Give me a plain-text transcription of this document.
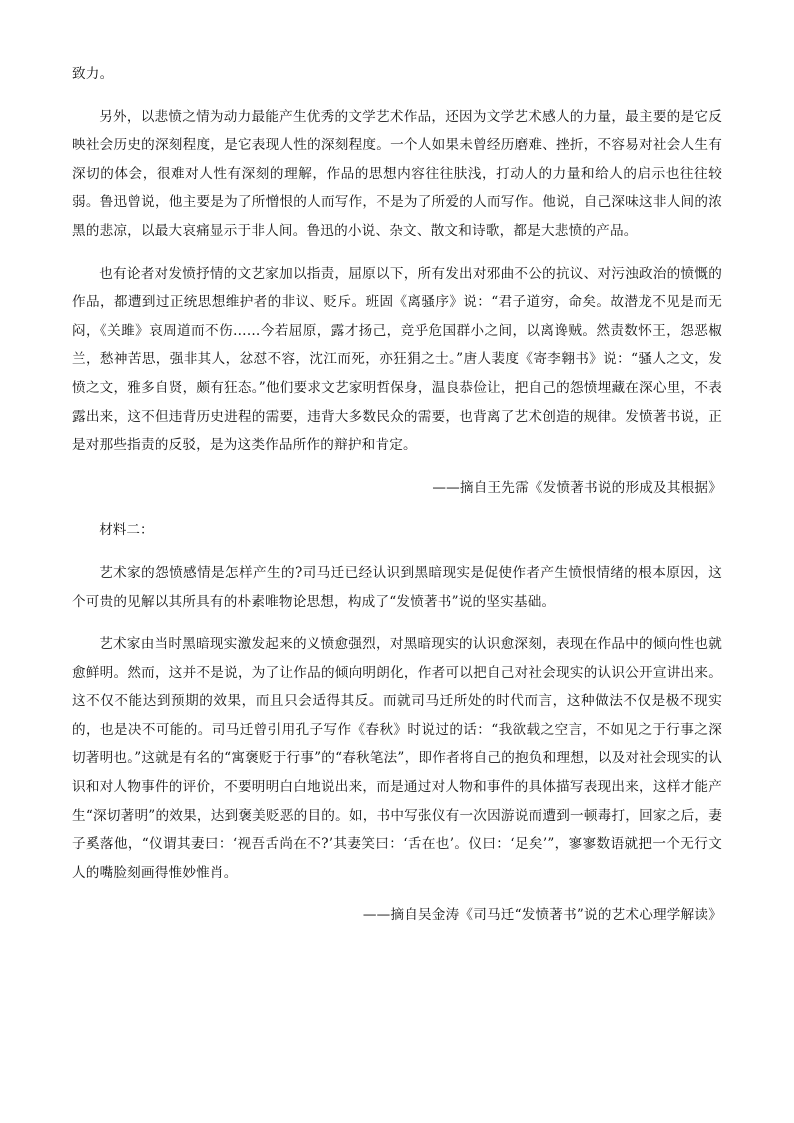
致力。

另外，以悲愤之情为动力最能产生优秀的文学艺术作品，还因为文学艺术感人的力量，最主要的是它反映社会历史的深刻程度，是它表现人性的深刻程度。一个人如果未曾经历磨难、挫折，不容易对社会人生有深切的体会，很难对人性有深刻的理解，作品的思想内容往往肤浅，打动人的力量和给人的启示也往往较弱。鲁迅曾说，他主要是为了所憎恨的人而写作，不是为了所爱的人而写作。他说，自己深味这非人间的浓黑的悲凉，以最大哀痛显示于非人间。鲁迅的小说、杂文、散文和诗歌，都是大悲愤的产品。

也有论者对发愤抒情的文艺家加以指责，屈原以下，所有发出对邪曲不公的抗议、对污浊政治的愤慨的作品，都遭到过正统思想维护者的非议、贬斥。班固《离骚序》说：“君子道穷，命矣。故潜龙不见是而无闷，《关雎》哀周道而不伤……今若屈原，露才扬己，竞乎危国群小之间，以离谗贼。然责数怀王，怨恶椒兰，愁神苦思，强非其人，忿怼不容，沈江而死，亦狂狷之士。”唐人裴度《寄李翱书》说：“骚人之文，发愤之文，雅多自贤，颇有狂态。”他们要求文艺家明哲保身，温良恭俭让，把自己的怨愤埋藏在深心里，不表露出来，这不但违背历史进程的需要，违背大多数民众的需要，也背离了艺术创造的规律。发愤著书说，正是对那些指责的反驳，是为这类作品所作的辩护和肯定。

——摘自王先霈《发愤著书说的形成及其根据》

材料二：

艺术家的怨愤感情是怎样产生的?司马迁已经认识到黑暗现实是促使作者产生愤恨情绪的根本原因，这个可贵的见解以其所具有的朴素唯物论思想，构成了“发愤著书”说的坚实基础。

艺术家由当时黑暗现实激发起来的义愤愈强烈，对黑暗现实的认识愈深刻，表现在作品中的倾向性也就愈鲜明。然而，这并不是说，为了让作品的倾向明朗化，作者可以把自己对社会现实的认识公开宣讲出来。这不仅不能达到预期的效果，而且只会适得其反。而就司马迁所处的时代而言，这种做法不仅是极不现实的，也是决不可能的。司马迁曾引用孔子写作《春秋》时说过的话：“我欲载之空言，不如见之于行事之深切著明也。”这就是有名的“寓褒贬于行事”的“春秋笔法”，即作者将自己的抱负和理想，以及对社会现实的认识和对人物事件的评价，不要明明白白地说出来，而是通过对人物和事件的具体描写表现出来，这样才能产生“深切著明”的效果，达到褒美贬恶的目的。如，书中写张仪有一次因游说而遭到一顿毒打，回家之后，妻子奚落他，“仪谓其妻曰：‘视吾舌尚在不?’其妻笑曰：‘舌在也’。仪曰：‘足矣’”，寥寥数语就把一个无行文人的嘴脸刻画得惟妙惟肖。

——摘自吴金涛《司马迁“发愤著书”说的艺术心理学解读》
